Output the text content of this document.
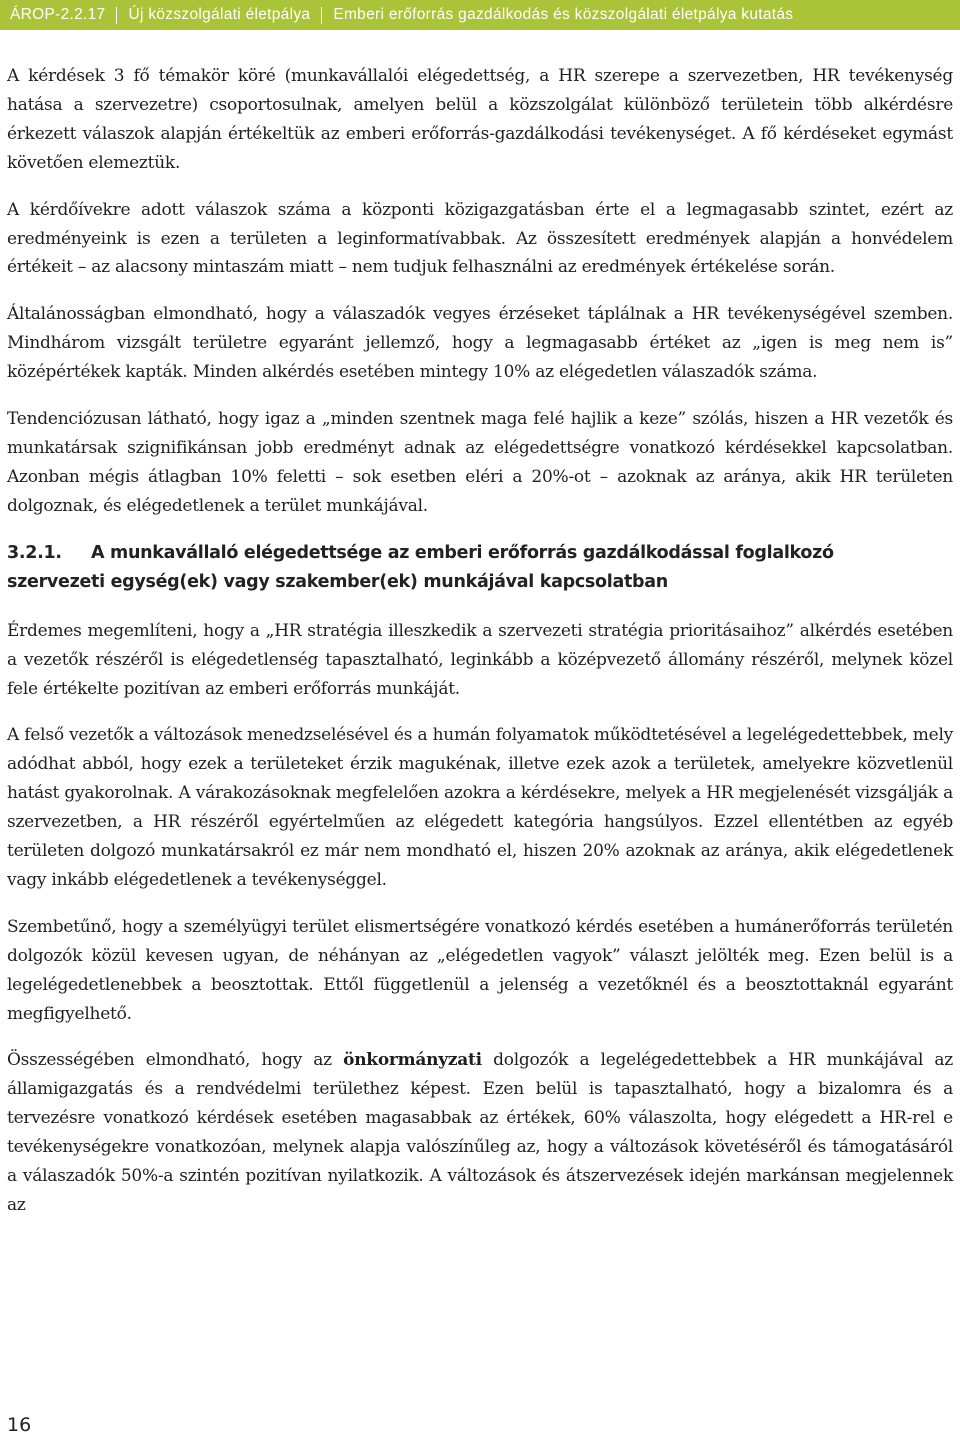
ÁROP-2.2.17 Új közszolgálati életpálya Emberi erőforrás gazdálkodás és közszolgálati életpálya kutatás

A kérdések 3 fő témakör köré (munkavállalói elégedettség, a HR szerepe a szervezetben, HR tevékenység hatása a szervezetre) csoportosulnak, amelyen belül a közszolgálat különböző területein több alkérdésre érkezett válaszok alapján értékeltük az emberi erőforrás-gazdálkodási tevékenységet. A fő kérdéseket egymást követően elemeztük.

A kérdőívekre adott válaszok száma a központi közigazgatásban érte el a legmagasabb szintet, ezért az eredményeink is ezen a területen a leginformatívabbak. Az összesített eredmények alapján a honvédelem értékeit – az alacsony mintaszám miatt – nem tudjuk felhasználni az eredmények értékelése során.

Általánosságban elmondható, hogy a válaszadók vegyes érzéseket táplálnak a HR tevékenységével szemben. Mindhárom vizsgált területre egyaránt jellemző, hogy a legmagasabb értéket az „igen is meg nem is” középértékek kapták. Minden alkérdés esetében mintegy 10% az elégedetlen válaszadók száma.

Tendenciózusan látható, hogy igaz a „minden szentnek maga felé hajlik a keze” szólás, hiszen a HR vezetők és munkatársak szignifikánsan jobb eredményt adnak az elégedettségre vonatkozó kérdésekkel kapcsolatban. Azonban mégis átlagban 10% feletti – sok esetben eléri a 20%-ot – azoknak az aránya, akik HR területen dolgoznak, és elégedetlenek a terület munkájával.

3.2.1.	A munkavállaló elégedettsége az emberi erőforrás gazdálkodással foglalkozó
szervezeti egység(ek) vagy szakember(ek) munkájával kapcsolatban

Érdemes megemlíteni, hogy a „HR stratégia illeszkedik a szervezeti stratégia prioritásaihoz” alkérdés esetében a vezetők részéről is elégedetlenség tapasztalható, leginkább a középvezető állomány részéről, melynek közel fele értékelte pozitívan az emberi erőforrás munkáját.

A felső vezetők a változások menedzselésével és a humán folyamatok működtetésével a legelégedettebbek, mely adódhat abból, hogy ezek a területeket érzik magukénak, illetve ezek azok a területek, amelyekre közvetlenül hatást gyakorolnak. A várakozásoknak megfelelően azokra a kérdésekre, melyek a HR megjelenését vizsgálják a szervezetben, a HR részéről egyértelműen az elégedett kategória hangsúlyos. Ezzel ellentétben az egyéb területen dolgozó munkatársakról ez már nem mondható el, hiszen 20% azoknak az aránya, akik elégedetlenek vagy inkább elégedetlenek a tevékenységgel.

Szembetűnő, hogy a személyügyi terület elismertségére vonatkozó kérdés esetében a humánerőforrás területén dolgozók közül kevesen ugyan, de néhányan az „elégedetlen vagyok” választ jelölték meg. Ezen belül is a legelégedetlenebbek a beosztottak. Ettől függetlenül a jelenség a vezetőknél és a beosztottaknál egyaránt megfigyelhető.

Összességében elmondható, hogy az önkormányzati dolgozók a legelégedettebbek a HR munkájával az államigazgatás és a rendvédelmi területhez képest. Ezen belül is tapasztalható, hogy a bizalomra és a tervezésre vonatkozó kérdések esetében magasabbak az értékek, 60% válaszolta, hogy elégedett a HR-rel e tevékenységekre vonatkozóan, melynek alapja valószínűleg az, hogy a változások követéséről és támogatásáról a válaszadók 50%-a szintén pozitívan nyilatkozik. A változások és átszervezések idején markánsan megjelennek az

16
